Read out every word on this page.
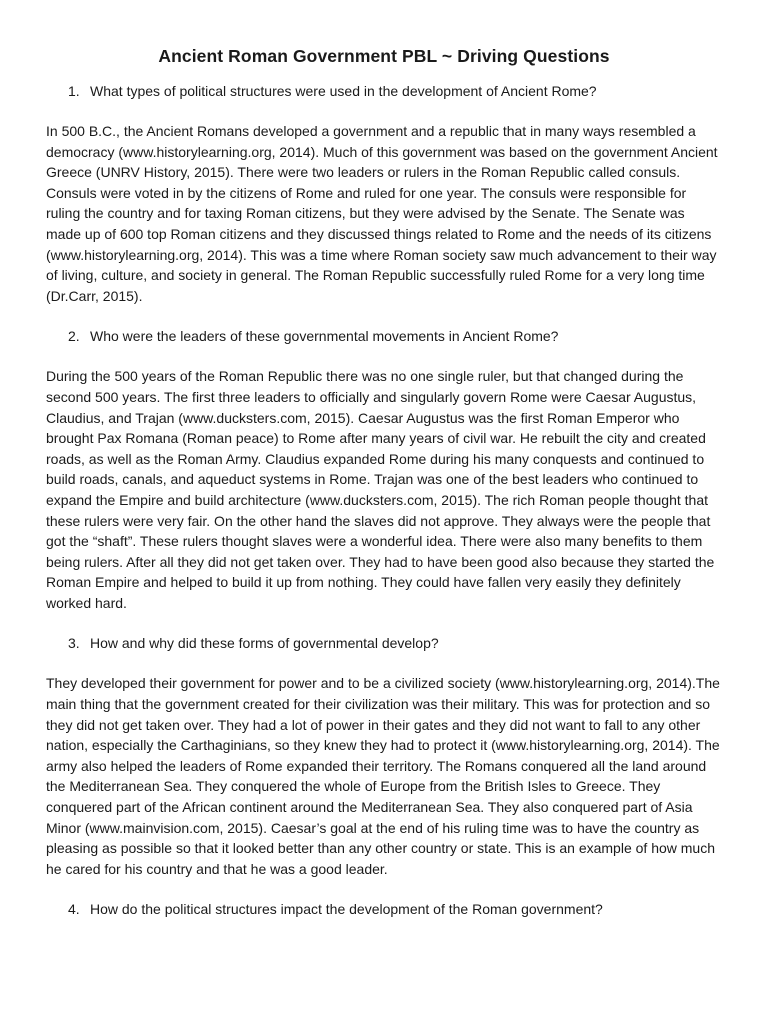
Ancient Roman Government PBL ~ Driving Questions
1. What types of political structures were used in the development of Ancient Rome?

In 500 B.C., the Ancient Romans developed a government and a republic that in many ways resembled a democracy (www.historylearning.org, 2014). Much of this government was based on the government Ancient Greece (UNRV History, 2015). There were two leaders or rulers in the Roman Republic called consuls. Consuls were voted in by the citizens of Rome and ruled for one year. The consuls were responsible for ruling the country and for taxing Roman citizens, but they were advised by the Senate. The Senate was made up of 600 top Roman citizens and they discussed things related to Rome and the needs of its citizens (www.historylearning.org, 2014). This was a time where Roman society saw much advancement to their way of living, culture, and society in general. The Roman Republic successfully ruled Rome for a very long time (Dr.Carr, 2015).

2. Who were the leaders of these governmental movements in Ancient Rome?

During the 500 years of the Roman Republic there was no one single ruler, but that changed during the second 500 years. The first three leaders to officially and singularly govern Rome were Caesar Augustus, Claudius, and Trajan (www.ducksters.com, 2015). Caesar Augustus was the first Roman Emperor who brought Pax Romana (Roman peace) to Rome after many years of civil war. He rebuilt the city and created roads, as well as the Roman Army. Claudius expanded Rome during his many conquests and continued to build roads, canals, and aqueduct systems in Rome. Trajan was one of the best leaders who continued to expand the Empire and build architecture (www.ducksters.com, 2015). The rich Roman people thought that these rulers were very fair. On the other hand the slaves did not approve. They always were the people that got the “shaft”. These rulers thought slaves were a wonderful idea. There were also many benefits to them being rulers. After all they did not get taken over. They had to have been good also because they started the Roman Empire and helped to build it up from nothing. They could have fallen very easily they definitely worked hard.

3. How and why did these forms of governmental develop?

They developed their government for power and to be a civilized society (www.historylearning.org, 2014).The main thing that the government created for their civilization was their military. This was for protection and so they did not get taken over. They had a lot of power in their gates and they did not want to fall to any other nation, especially the Carthaginians, so they knew they had to protect it (www.historylearning.org, 2014). The army also helped the leaders of Rome expanded their territory. The Romans conquered all the land around the Mediterranean Sea. They conquered the whole of Europe from the British Isles to Greece. They conquered part of the African continent around the Mediterranean Sea. They also conquered part of Asia Minor (www.mainvision.com, 2015). Caesar’s goal at the end of his ruling time was to have the country as pleasing as possible so that it looked better than any other country or state. This is an example of how much he cared for his country and that he was a good leader.

4. How do the political structures impact the development of the Roman government?
